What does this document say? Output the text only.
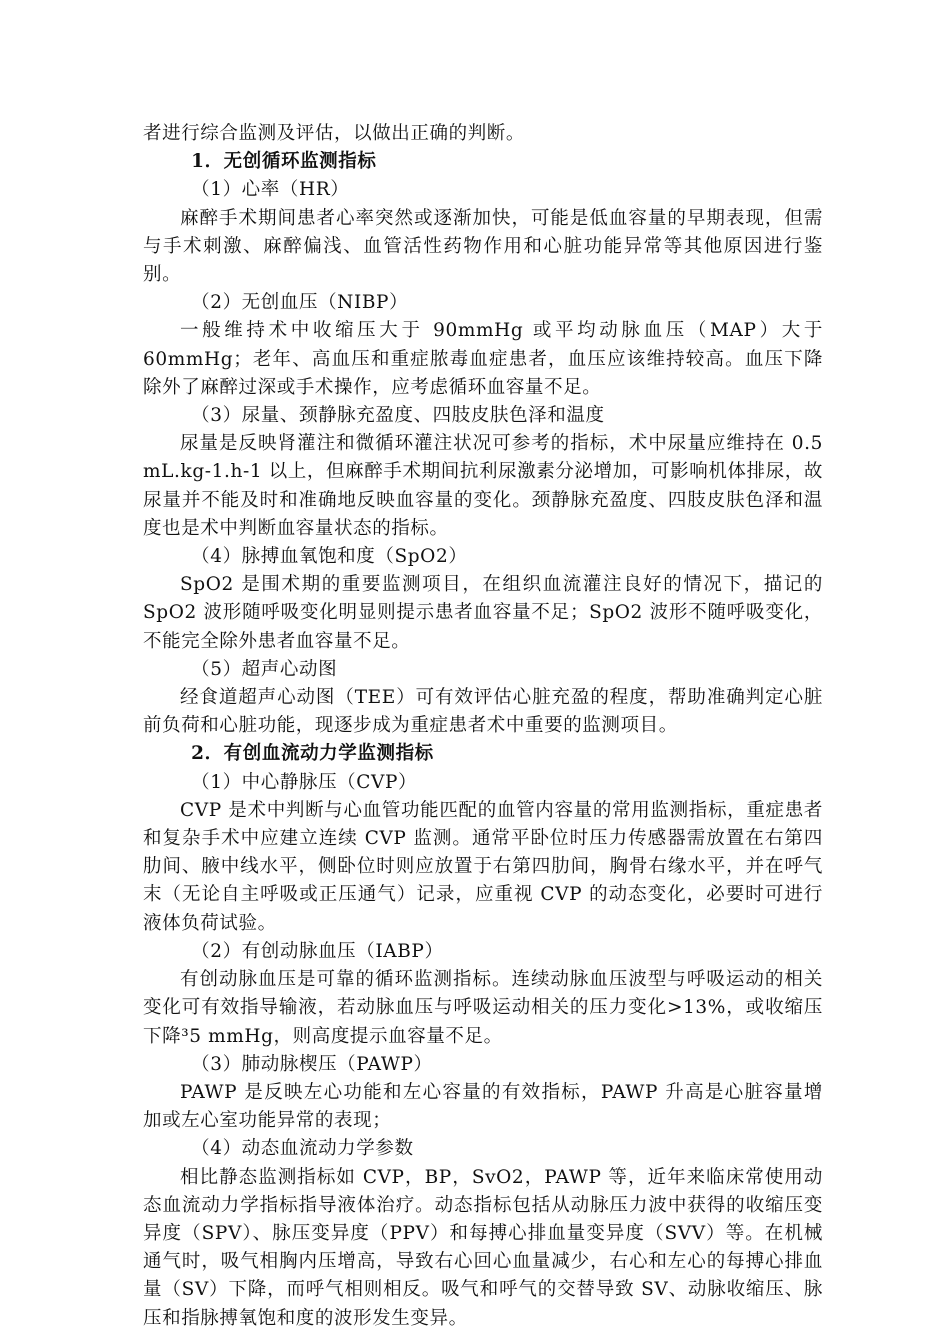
者进行综合监测及评估，以做出正确的判断。

1．无创循环监测指标

（1）心率（HR）

麻醉手术期间患者心率突然或逐渐加快，可能是低血容量的早期表现，但需与手术刺激、麻醉偏浅、血管活性药物作用和心脏功能异常等其他原因进行鉴别。

（2）无创血压（NIBP）

一般维持术中收缩压大于 90mmHg 或平均动脉血压（MAP）大于 60mmHg；老年、高血压和重症脓毒血症患者，血压应该维持较高。血压下降除外了麻醉过深或手术操作，应考虑循环血容量不足。

（3）尿量、颈静脉充盈度、四肢皮肤色泽和温度

尿量是反映肾灌注和微循环灌注状况可参考的指标，术中尿量应维持在 0.5 mL.kg-1.h-1 以上，但麻醉手术期间抗利尿激素分泌增加，可影响机体排尿，故尿量并不能及时和准确地反映血容量的变化。颈静脉充盈度、四肢皮肤色泽和温度也是术中判断血容量状态的指标。

（4）脉搏血氧饱和度（SpO2）

SpO2 是围术期的重要监测项目，在组织血流灌注良好的情况下，描记的 SpO2 波形随呼吸变化明显则提示患者血容量不足；SpO2 波形不随呼吸变化，不能完全除外患者血容量不足。

（5）超声心动图

经食道超声心动图（TEE）可有效评估心脏充盈的程度，帮助准确判定心脏前负荷和心脏功能，现逐步成为重症患者术中重要的监测项目。

2．有创血流动力学监测指标

（1）中心静脉压（CVP）

CVP 是术中判断与心血管功能匹配的血管内容量的常用监测指标，重症患者和复杂手术中应建立连续 CVP 监测。通常平卧位时压力传感器需放置在右第四肋间、腋中线水平，侧卧位时则应放置于右第四肋间，胸骨右缘水平，并在呼气末（无论自主呼吸或正压通气）记录，应重视 CVP 的动态变化，必要时可进行液体负荷试验。

（2）有创动脉血压（IABP）

有创动脉血压是可靠的循环监测指标。连续动脉血压波型与呼吸运动的相关变化可有效指导输液，若动脉血压与呼吸运动相关的压力变化>13%，或收缩压下降³5 mmHg，则高度提示血容量不足。

（3）肺动脉楔压（PAWP）

PAWP 是反映左心功能和左心容量的有效指标，PAWP 升高是心脏容量增加或左心室功能异常的表现；

（4）动态血流动力学参数

相比静态监测指标如 CVP，BP，SvO2，PAWP 等，近年来临床常使用动态血流动力学指标指导液体治疗。动态指标包括从动脉压力波中获得的收缩压变异度（SPV）、脉压变异度（PPV）和每搏心排血量变异度（SVV）等。在机械通气时，吸气相胸内压增高，导致右心回心血量减少，右心和左心的每搏心排血量（SV）下降，而呼气相则相反。吸气和呼气的交替导致 SV、动脉收缩压、脉压和指脉搏氧饱和度的波形发生变异。
